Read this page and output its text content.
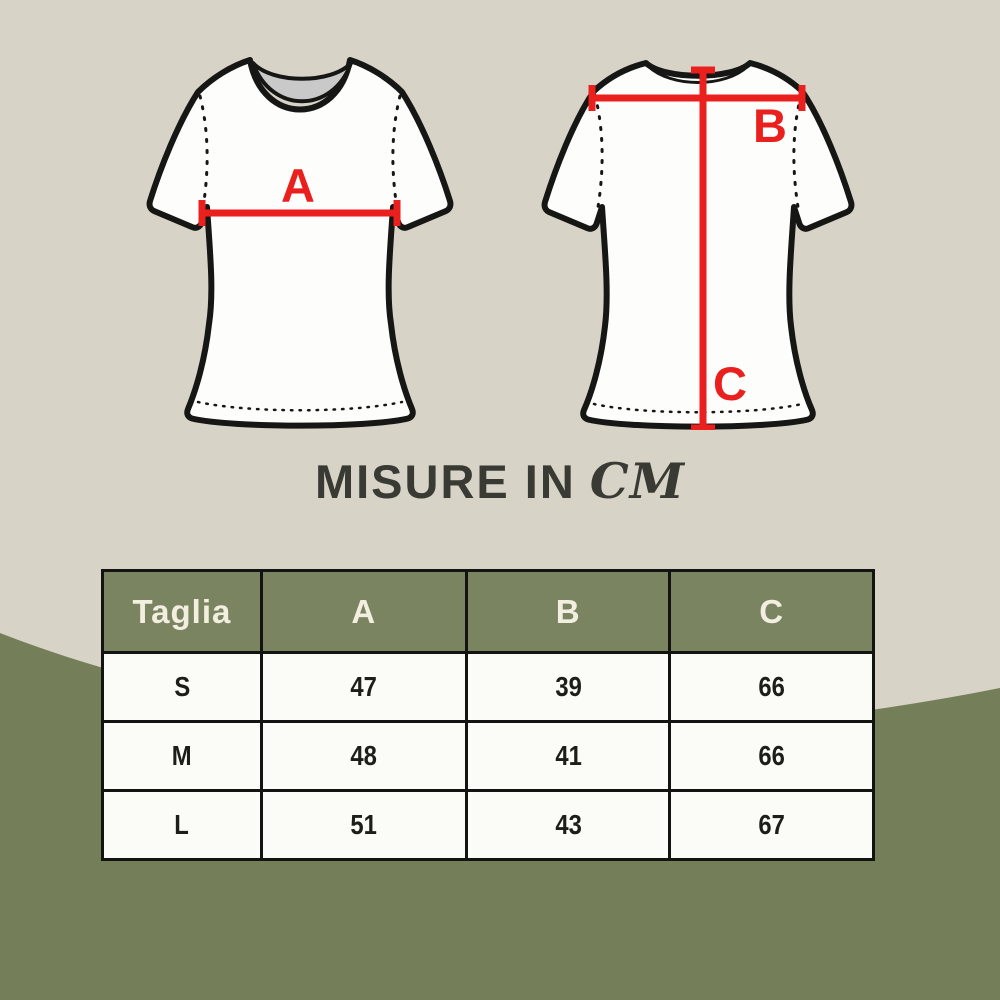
A
C
B
MISURE IN CM
Taglia	A	B	C
S	47	39	66
M	48	41	66
L	51	43	67
